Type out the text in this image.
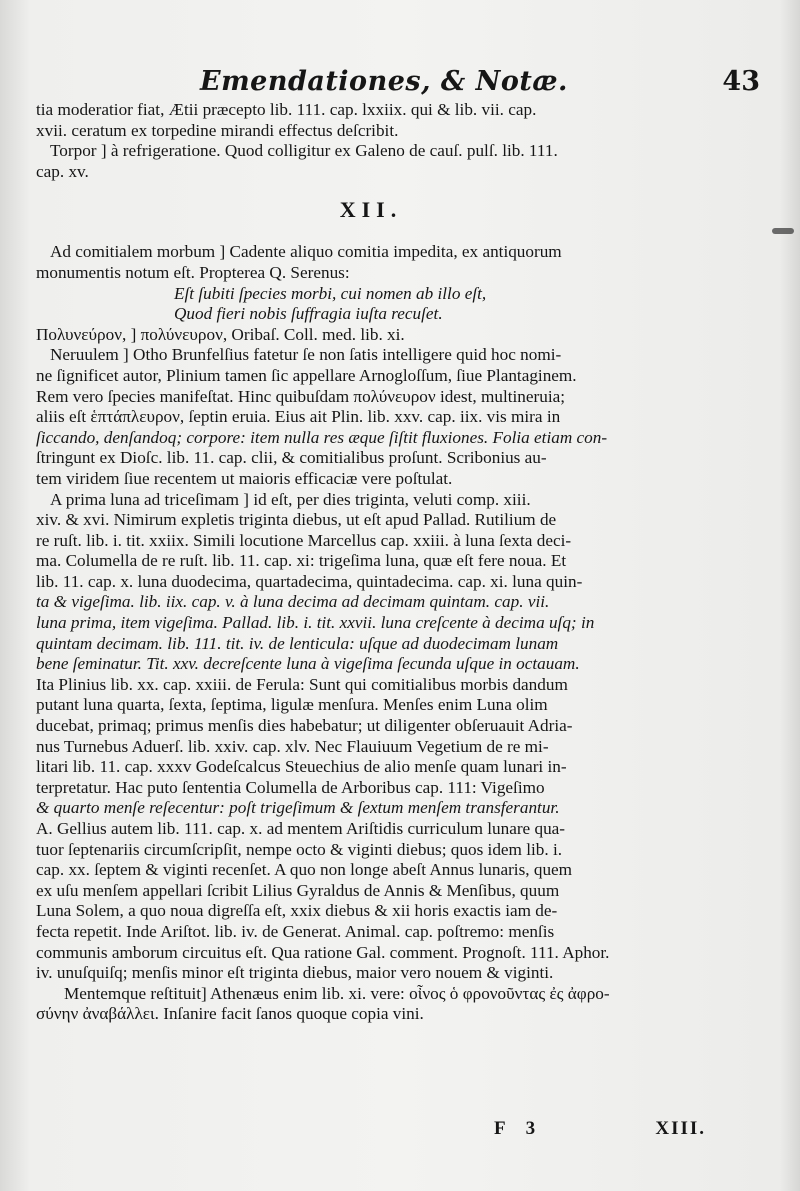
Emendationes, & Notæ.	43
tia moderatior fiat, Ætii præcepto lib. 111. cap. lxxiix. qui & lib. vii. cap.
xvii. ceratum ex torpedine mirandi effectus deſcribit.
Torpor ] à refrigeratione. Quod colligitur ex Galeno de cauſ. pulſ. lib. 111.
cap. xv.
XII.
Ad comitialem morbum ] Cadente aliquo comitia impedita, ex antiquorum
monumentis notum eſt. Propterea Q. Serenus:
Eſt ſubiti ſpecies morbi, cui nomen ab illo eſt,
Quod fieri nobis ſuffragia iuſta recuſet.
Πολυνεύρον, ] πολύνευρον, Oribaſ. Coll. med. lib. xi.
Neruulem ] Otho Brunfelſius fatetur ſe non ſatis intelligere quid hoc nomi-
ne ſignificet autor, Plinium tamen ſic appellare Arnogloſſum, ſiue Plantaginem.
Rem vero ſpecies manifeſtat. Hinc quibuſdam πολύνευρον idest, multineruia;
aliis eſt ἑπτάπλευρον, ſeptin eruia. Eius ait Plin. lib. xxv. cap. iix. vis mira in
ſiccando, denſandoq; corpore: item nulla res æque ſiſtit fluxiones. Folia etiam con-
ſtringunt ex Dioſc. lib. 11. cap. clii, & comitialibus proſunt. Scribonius au-
tem viridem ſiue recentem ut maioris efficaciæ vere poſtulat.
A prima luna ad triceſimam ] id eſt, per dies triginta, veluti comp. xiii.
xiv. & xvi. Nimirum expletis triginta diebus, ut eſt apud Pallad. Rutilium de
re ruſt. lib. i. tit. xxiix. Simili locutione Marcellus cap. xxiii. à luna ſexta deci-
ma. Columella de re ruſt. lib. 11. cap. xi: trigeſima luna, quæ eſt fere noua. Et
lib. 11. cap. x. luna duodecima, quartadecima, quintadecima. cap. xi. luna quin-
ta & vigeſima. lib. iix. cap. v. à luna decima ad decimam quintam. cap. vii.
luna prima, item vigeſima. Pallad. lib. i. tit. xxvii. luna creſcente à decima uſq; in
quintam decimam. lib. 111. tit. iv. de lenticula: uſque ad duodecimam lunam
bene ſeminatur. Tit. xxv. decreſcente luna à vigeſima ſecunda uſque in octauam.
Ita Plinius lib. xx. cap. xxiii. de Ferula: Sunt qui comitialibus morbis dandum
putant luna quarta, ſexta, ſeptima, ligulæ menſura. Menſes enim Luna olim
ducebat, primaq; primus menſis dies habebatur; ut diligenter obſeruauit Adria-
nus Turnebus Aduerſ. lib. xxiv. cap. xlv. Nec Flauiuum Vegetium de re mi-
litari lib. 11. cap. xxxv Godeſcalcus Steuechius de alio menſe quam lunari in-
terpretatur. Hac puto ſententia Columella de Arboribus cap. 111: Vigeſimo
& quarto menſe reſecentur: poſt trigeſimum & ſextum menſem transferantur.
A. Gellius autem lib. 111. cap. x. ad mentem Ariſtidis curriculum lunare qua-
tuor ſeptenariis circumſcripſit, nempe octo & viginti diebus; quos idem lib. i.
cap. xx. ſeptem & viginti recenſet. A quo non longe abeſt Annus lunaris, quem
ex uſu menſem appellari ſcribit Lilius Gyraldus de Annis & Menſibus, quum
Luna Solem, a quo noua digreſſa eſt, xxix diebus & xii horis exactis iam de-
fecta repetit. Inde Ariſtot. lib. iv. de Generat. Animal. cap. poſtremo: menſis
communis amborum circuitus eſt. Qua ratione Gal. comment. Prognoſt. 111. Aphor.
iv. unuſquiſq; menſis minor eſt triginta diebus, maior vero nouem & viginti.
Mentemque reſtituit] Athenæus enim lib. xi. vere: οἶνος ὁ φρονοῦντας ἐς ἀφρο-
σύνην ἀναβάλλει. Inſanire facit ſanos quoque copia vini.
F 3	XIII.
